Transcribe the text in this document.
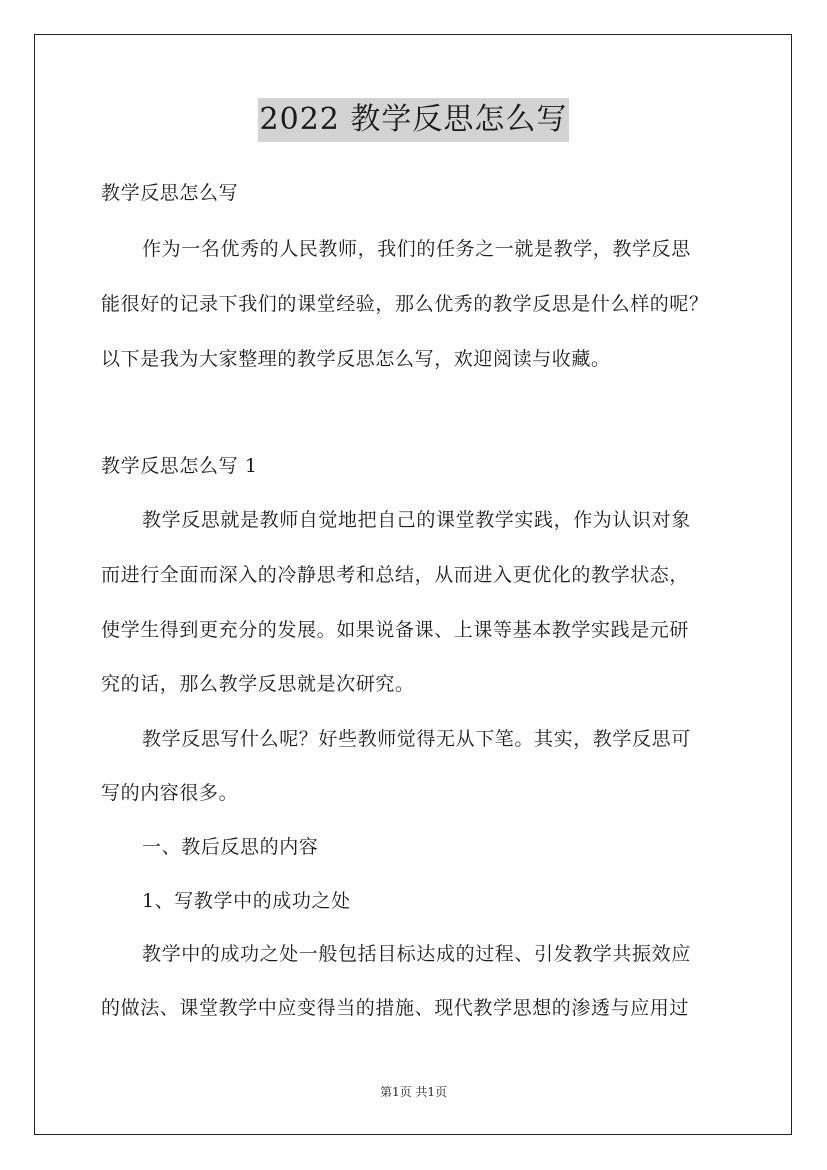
2022 教学反思怎么写
教学反思怎么写
作为一名优秀的人民教师，我们的任务之一就是教学，教学反思
能很好的记录下我们的课堂经验，那么优秀的教学反思是什么样的呢？
以下是我为大家整理的教学反思怎么写，欢迎阅读与收藏。
教学反思怎么写 1
教学反思就是教师自觉地把自己的课堂教学实践，作为认识对象
而进行全面而深入的冷静思考和总结，从而进入更优化的教学状态，
使学生得到更充分的发展。如果说备课、上课等基本教学实践是元研
究的话，那么教学反思就是次研究。
教学反思写什么呢？好些教师觉得无从下笔。其实，教学反思可
写的内容很多。
一、教后反思的内容
1、写教学中的成功之处
教学中的成功之处一般包括目标达成的过程、引发教学共振效应
的做法、课堂教学中应变得当的措施、现代教学思想的渗透与应用过
第1页 共1页
